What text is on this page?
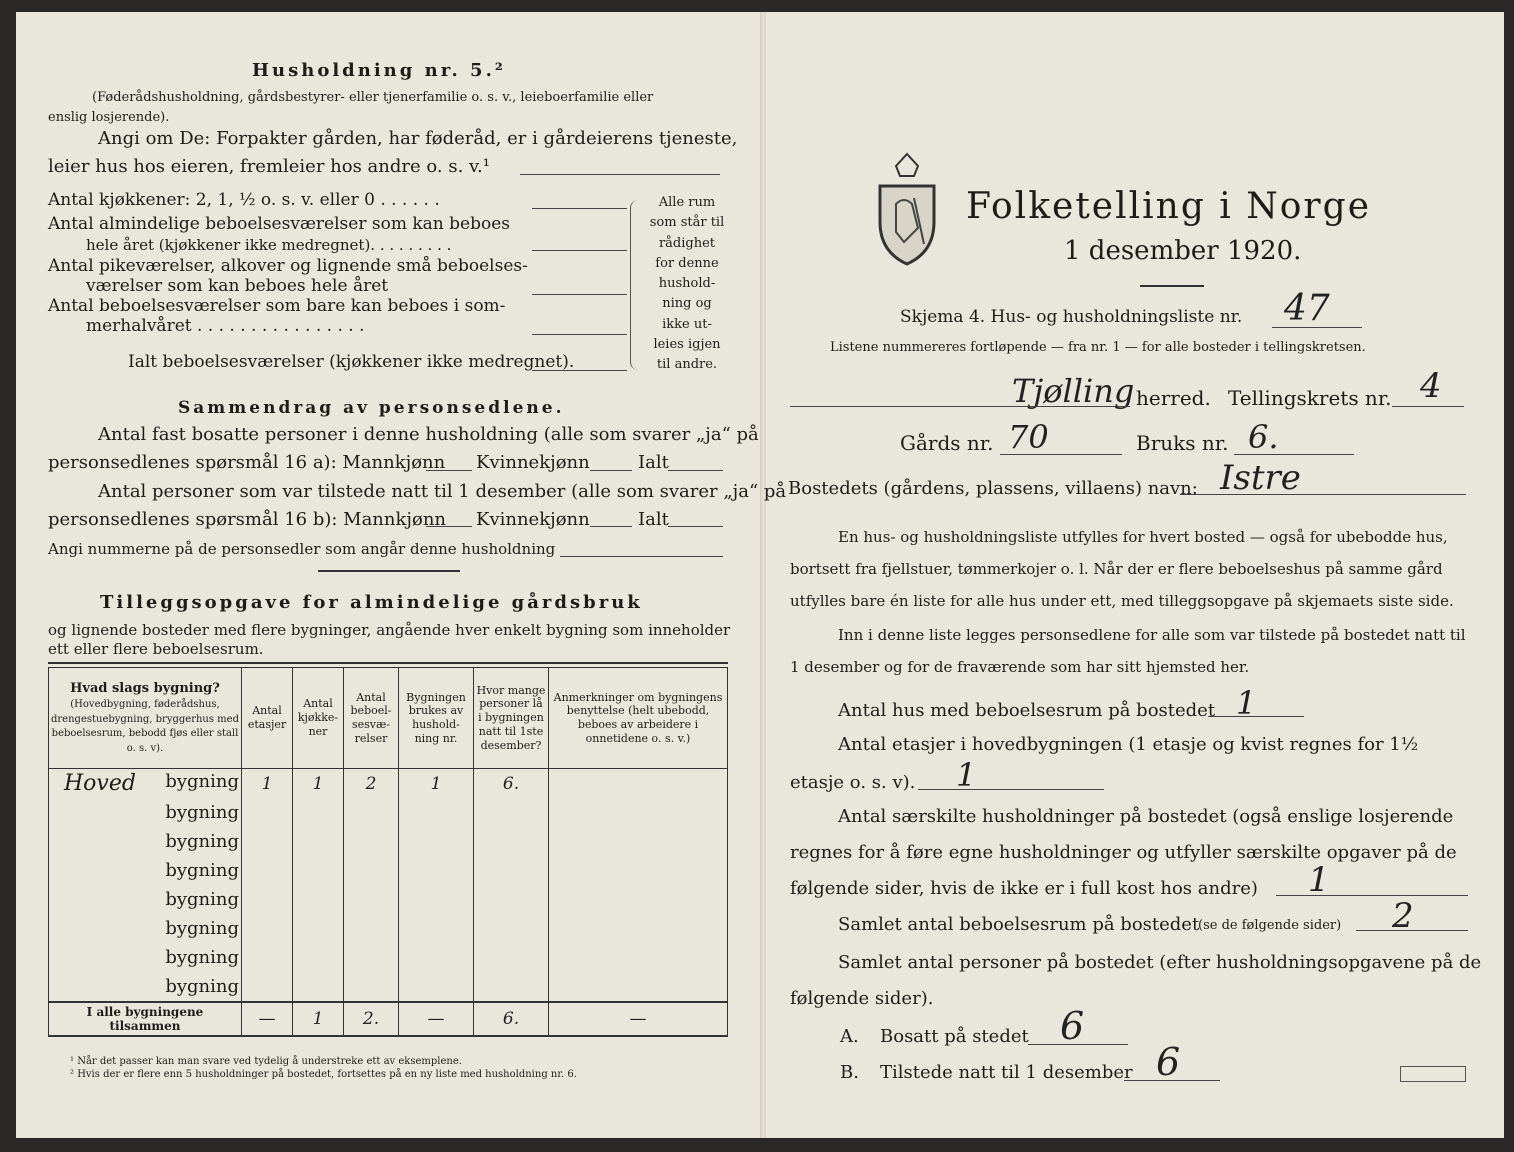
Husholdning nr. 5.²
(Føderådshusholdning, gårdsbestyrer- eller tjenerfamilie o. s. v., leieboerfamilie eller
enslig losjerende).
Angi om De: Forpakter gården, har føderåd, er i gårdeierens tjeneste,
leier hus hos eieren, fremleier hos andre o. s. v.¹
Antal kjøkkener: 2, 1, ½ o. s. v. eller 0 . . . . . .
Antal almindelige beboelsesværelser som kan beboes
hele året (kjøkkener ikke medregnet). . . . . . . . .
Antal pikeværelser, alkover og lignende små beboelses-
værelser som kan beboes hele året
Antal beboelsesværelser som bare kan beboes i som-
merhalvåret . . . . . . . . . . . . . . . .
Ialt beboelsesværelser (kjøkkener ikke medregnet).
Alle rum
som står til
rådighet
for denne
hushold-
ning og
ikke ut-
leies igjen
til andre.
Sammendrag av personsedlene.
Antal fast bosatte personer i denne husholdning (alle som svarer „ja“ på
personsedlenes spørsmål 16 a): Mannkjønn Kvinnekjønn	Ialt
Antal personer som var tilstede natt til 1 desember (alle som svarer „ja“ på
personsedlenes spørsmål 16 b): Mannkjønn Kvinnekjønn	Ialt
Angi nummerne på de personsedler som angår denne husholdning
Tilleggsopgave for almindelige gårdsbruk
og lignende bosteder med flere bygninger, angående hver enkelt bygning som inneholder
ett eller flere beboelsesrum.
Hvad slags bygning?
(Hovedbygning, føderådshus, drengestuebygning, bryggerhus med beboelsesrum, bebodd fjøs eller stall o. s. v).	Antal etasjer	Antal kjøkke-ner	Antal beboel-sesvæ-relser	Bygningen brukes av hushold-ning nr.	Hvor mange personer lå i bygningen natt til 1ste desember?	Anmerkninger om bygningens benyttelse (helt ubebodd, beboes av arbeidere i onnetidene o. s. v.)

Hoved bygning	1	1	2	1	6.	

bygning						

bygning						

bygning						

bygning						

bygning						

bygning						

bygning						
I alle bygningene tilsammen	—	1	2.	—	6.	—
¹ Når det passer kan man svare ved tydelig å understreke ett av eksemplene.
² Hvis der er flere enn 5 husholdninger på bostedet, fortsettes på en ny liste med husholdning nr. 6.
Folketelling i Norge
1 desember 1920.
Skjema 4. Hus- og husholdningsliste nr. 47
Listene nummereres fortløpende — fra nr. 1 — for alle bosteder i tellingskretsen.
Tjølling herred. Tellingskrets nr. 4
Gårds nr. 70	Bruks nr. 6.
Bostedets (gårdens, plassens, villaens) navn: Istre
En hus- og husholdningsliste utfylles for hvert bosted — også for ubebodde hus,
bortsett fra fjellstuer, tømmerkojer o. l. Når der er flere beboelseshus på samme gård
utfylles bare én liste for alle hus under ett, med tilleggsopgave på skjemaets siste side.
Inn i denne liste legges personsedlene for alle som var tilstede på bostedet natt til
1 desember og for de fraværende som har sitt hjemsted her.
Antal hus med beboelsesrum på bostedet 1
Antal etasjer i hovedbygningen (1 etasje og kvist regnes for 1½
etasje o. s. v). 1
Antal særskilte husholdninger på bostedet (også enslige losjerende
regnes for å føre egne husholdninger og utfyller særskilte opgaver på de
følgende sider, hvis de ikke er i full kost hos andre) 1
Samlet antal beboelsesrum på bostedet
(se de følgende sider) 2
Samlet antal personer på bostedet (efter husholdningsopgavene på de
følgende sider).
A. Bosatt på stedet 6
B. Tilstede natt til 1 desember 6
